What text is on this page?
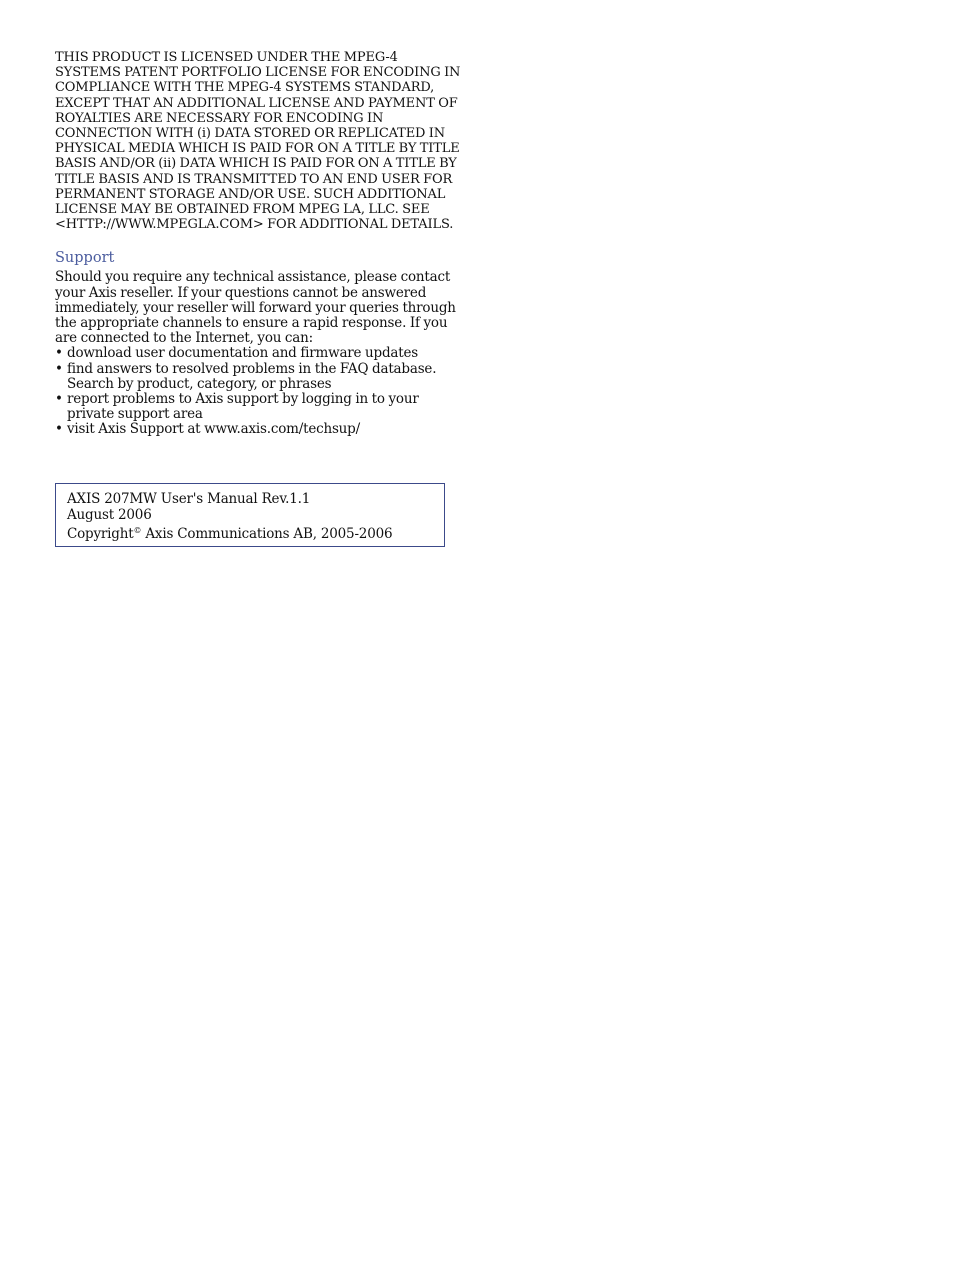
THIS PRODUCT IS LICENSED UNDER THE MPEG-4 SYSTEMS PATENT PORTFOLIO LICENSE FOR ENCODING IN COMPLIANCE WITH THE MPEG-4 SYSTEMS STANDARD, EXCEPT THAT AN ADDITIONAL LICENSE AND PAYMENT OF ROYALTIES ARE NECESSARY FOR ENCODING IN CONNECTION WITH (i) DATA STORED OR REPLICATED IN PHYSICAL MEDIA WHICH IS PAID FOR ON A TITLE BY TITLE BASIS AND/OR (ii) DATA WHICH IS PAID FOR ON A TITLE BY TITLE BASIS AND IS TRANSMITTED TO AN END USER FOR PERMANENT STORAGE AND/OR USE. SUCH ADDITIONAL LICENSE MAY BE OBTAINED FROM MPEG LA, LLC. SEE <HTTP://WWW.MPEGLA.COM> FOR ADDITIONAL DETAILS.

Support

Should you require any technical assistance, please contact your Axis reseller. If your questions cannot be answered immediately, your reseller will forward your queries through the appropriate channels to ensure a rapid response. If you are connected to the Internet, you can:

• download user documentation and firmware updates
• find answers to resolved problems in the FAQ database. Search by product, category, or phrases
• report problems to Axis support by logging in to your private support area
• visit Axis Support at www.axis.com/techsup/

AXIS 207MW User's Manual Rev.1.1

August 2006

Copyright© Axis Communications AB, 2005-2006
